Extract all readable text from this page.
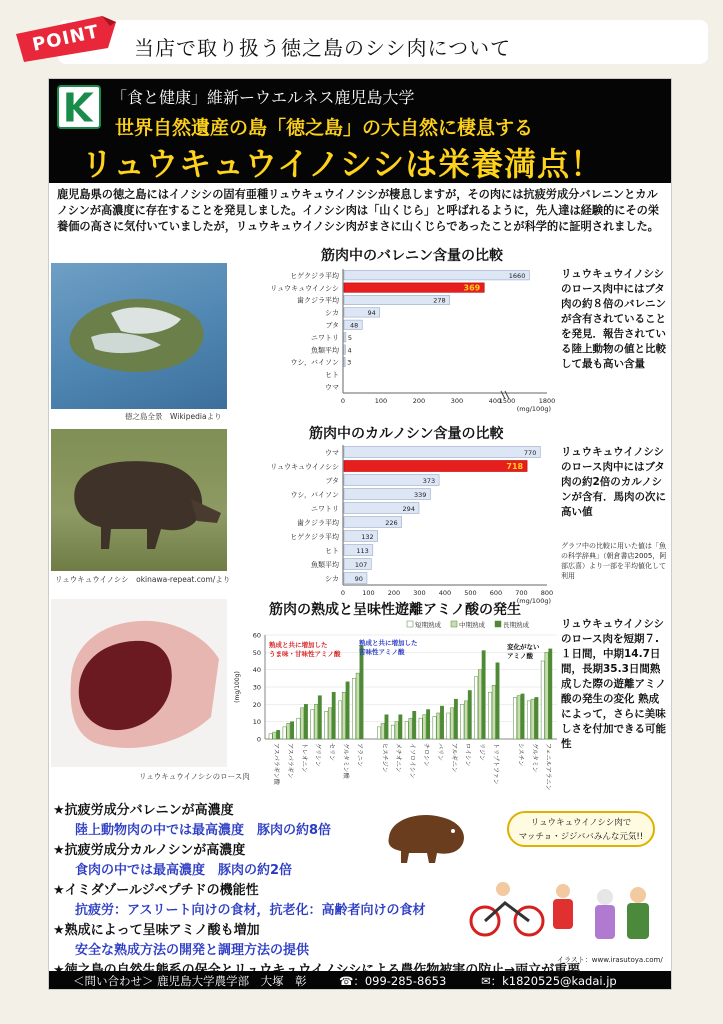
POINT 当店で取り扱う徳之島のシシ肉について
「食と健康」維新ーウエルネス鹿児島大学
世界自然遺産の島「徳之島」の大自然に棲息する
リュウキュウイノシシは栄養満点！
鹿児島県の徳之島にはイノシシの固有亜種リュウキュウイノシシが棲息しますが，その肉には抗疲労成分バレニンとカルノシンが高濃度に存在することを発見しました。イノシシ肉は「山くじら」と呼ばれるように，先人達は経験的にその栄養価の高さに気付いていましたが，リュウキュウイノシシ肉がまさに山くじらであったことが科学的に証明されました。
徳之島全景　Wikipediaより
リュウキュウイノシシ　okinawa-repeat.com/より
リュウキュウイノシシのロース肉
筋肉中のバレニン含量の比較
ヒゲクジラ平均	1660
リュウキュウイノシシ	369
歯クジラ平均	278
シカ	94
ブタ 48
ニワトリ 5
魚類平均 4
ウシ，バイソン 3
ヒト
ウマ
0	100	200	300	400
1500	1800
(mg/100g)
リュウキュウイノシシのロース肉中にはブタ肉の約８倍のバレニンが含有されていることを発見．報告されている陸上動物の値と比較して最も高い含量
筋肉中のカルノシン含量の比較
ウマ	770
リュウキュウイノシシ	718
ブタ	373
ウシ，バイソン	339
ニワトリ	294
歯クジラ平均	226
ヒゲクジラ平均	132
ヒト	113
魚類平均 107
シカ 90
0	100 200 300 400 500 600 700 800
(mg/100g)
リュウキュウイノシシのロース肉中にはブタ肉の約2倍のカルノシンが含有．馬肉の次に高い値
グラフ中の比較に用いた値は「魚の科学辞典」（朝倉書店2005，阿部広喜）より一部を平均値化して利用
筋肉の熟成と呈味性遊離アミノ酸の発生
0
10
20
30
40
50
60
(mg/100g)
アスパラギン酸 アスパラギン トレオニン グリシン セリン グルタミン酸 アラニン	ヒスチジン メチオニン イソロイシン チロシン バリン アルギニン ロイシン リジン トリプトファン	シスチン グルタミン フェニルアラニン
短期熟成	中期熟成	長期熟成
熟成と共に増加した
うま味・甘味性アミノ酸
熟成と共に増加した
苦味性アミノ酸
変化がない
アミノ酸
リュウキュウイノシシのロース肉を短期７.１日間，中期14.7日間，長期35.3日間熟成した際の遊離アミノ酸の発生の変化 熟成によって，さらに美味しさを付加できる可能性
★抗疲労成分バレニンが高濃度
陸上動物肉の中では最高濃度　豚肉の約8倍
★抗疲労成分カルノシンが高濃度
食肉の中では最高濃度　豚肉の約2倍
★イミダゾールジペプチドの機能性
抗疲労：アスリート向けの食材，抗老化：高齢者向けの食材
★熟成によって呈味アミノ酸も増加
安全な熟成方法の開発と調理方法の提供
リュウキュウイノシシ肉で
マッチョ・ジジババみんな元気!!
イラスト：www.irasutoya.com/
＜問い合わせ＞ 鹿児島大学農学部　大塚　彰	☎：099-285-8653	✉：k1820525@kadai.jp
